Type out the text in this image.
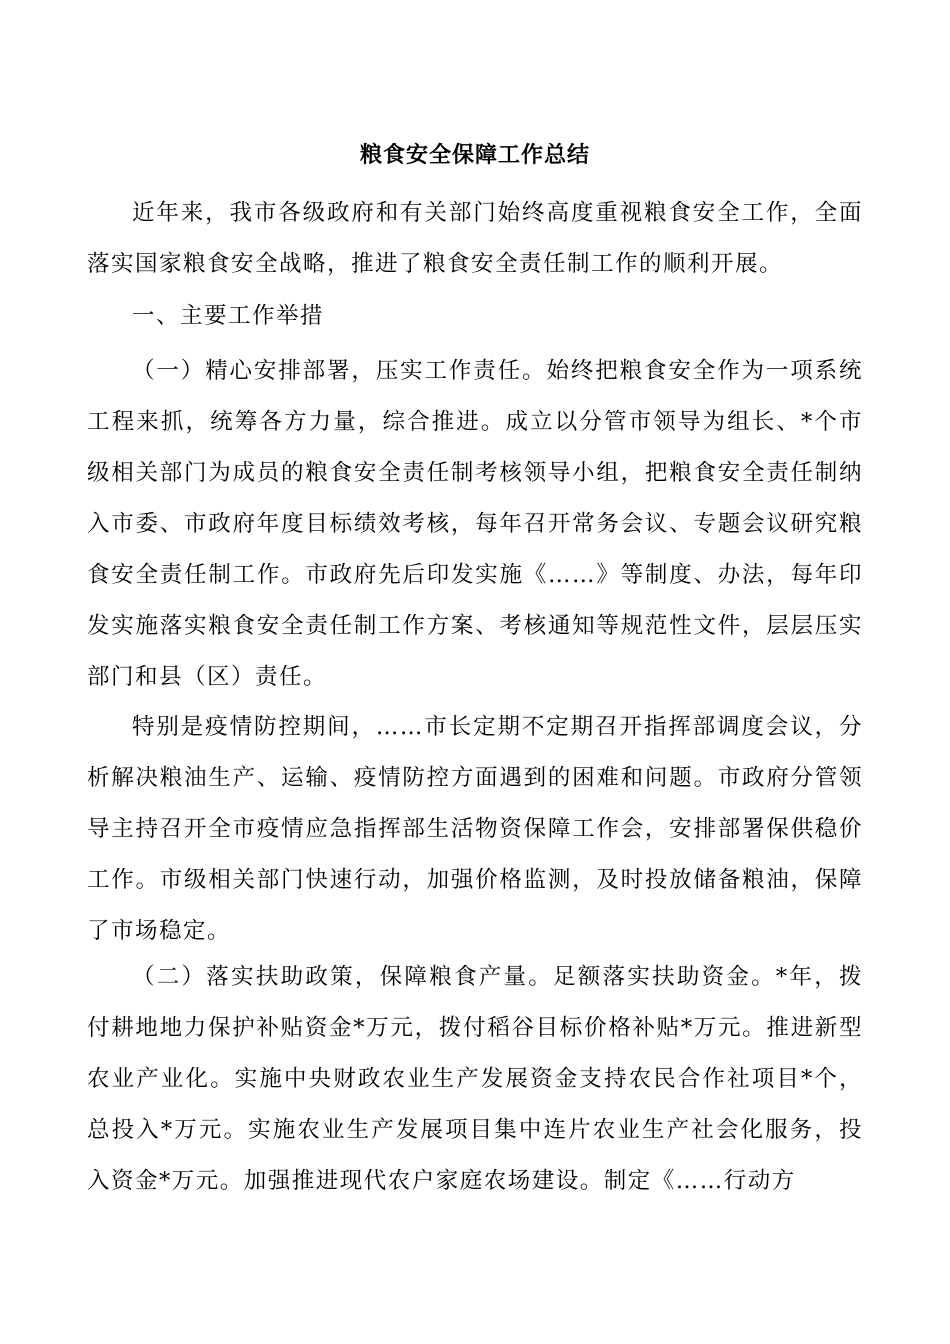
粮食安全保障工作总结

近年来，我市各级政府和有关部门始终高度重视粮食安全工作，全面落实国家粮食安全战略，推进了粮食安全责任制工作的顺利开展。

一、主要工作举措

（一）精心安排部署，压实工作责任。始终把粮食安全作为一项系统工程来抓，统筹各方力量，综合推进。成立以分管市领导为组长、*个市级相关部门为成员的粮食安全责任制考核领导小组，把粮食安全责任制纳入市委、市政府年度目标绩效考核，每年召开常务会议、专题会议研究粮食安全责任制工作。市政府先后印发实施《……》等制度、办法，每年印发实施落实粮食安全责任制工作方案、考核通知等规范性文件，层层压实部门和县（区）责任。

特别是疫情防控期间，……市长定期不定期召开指挥部调度会议，分析解决粮油生产、运输、疫情防控方面遇到的困难和问题。市政府分管领导主持召开全市疫情应急指挥部生活物资保障工作会，安排部署保供稳价工作。市级相关部门快速行动，加强价格监测，及时投放储备粮油，保障了市场稳定。

（二）落实扶助政策，保障粮食产量。足额落实扶助资金。*年，拨付耕地地力保护补贴资金*万元，拨付稻谷目标价格补贴*万元。推进新型农业产业化。实施中央财政农业生产发展资金支持农民合作社项目*个，总投入*万元。实施农业生产发展项目集中连片农业生产社会化服务，投入资金*万元。加强推进现代农户家庭农场建设。制定《……行动方
